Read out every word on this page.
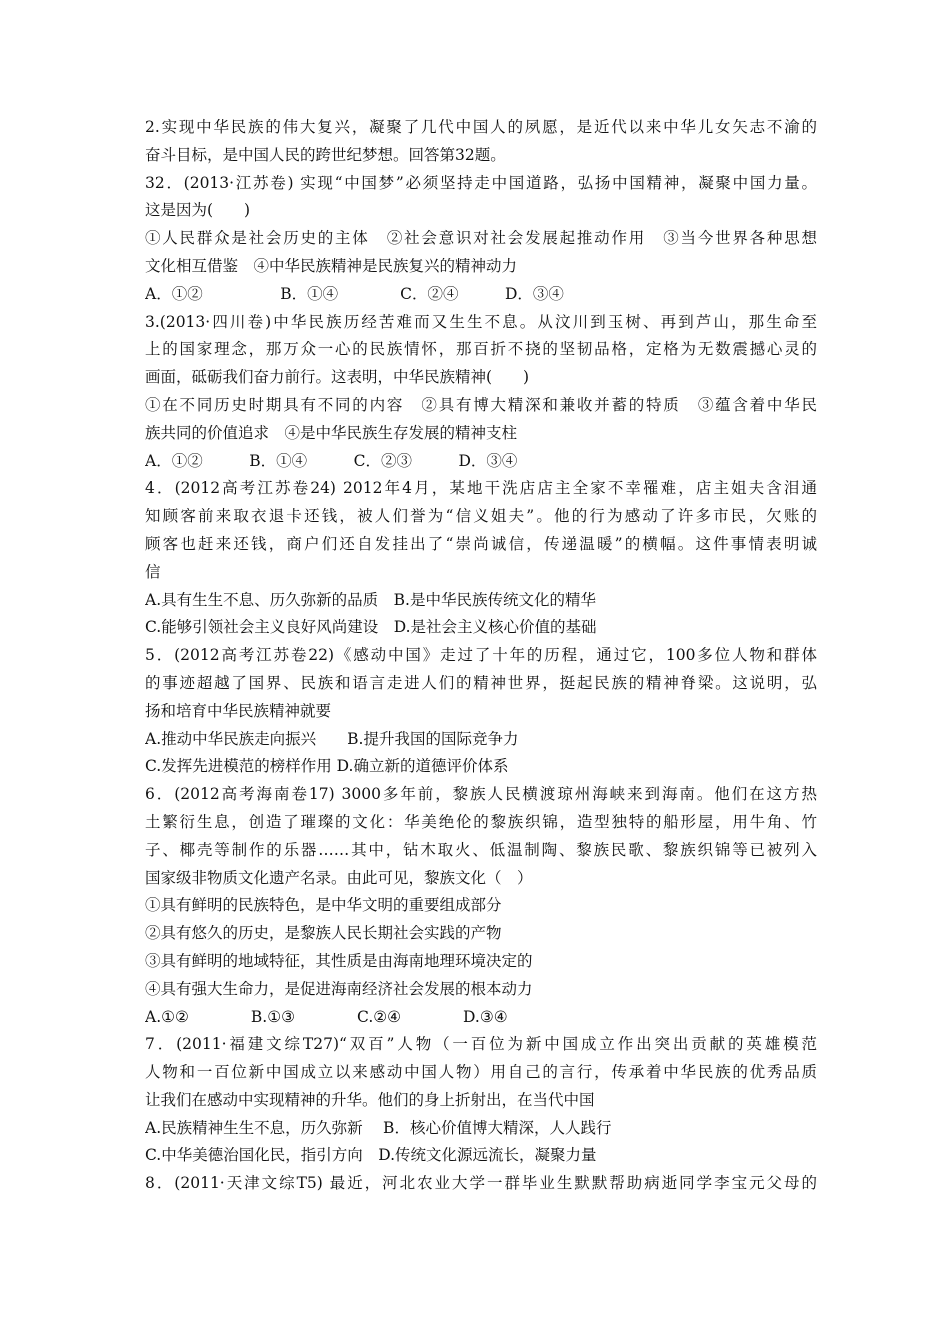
2.实现中华民族的伟大复兴，凝聚了几代中国人的夙愿，是近代以来中华儿女矢志不渝的
奋斗目标，是中国人民的跨世纪梦想。回答第32题。
32．(2013·江苏卷) 实现“中国梦”必须坚持走中国道路，弘扬中国精神，凝聚中国力量。
这是因为(　　)
①人民群众是社会历史的主体　②社会意识对社会发展起推动作用　③当今世界各种思想
文化相互借鉴　④中华民族精神是民族复兴的精神动力
A．①②　　　　　B．①④　　　　C．②④　　　D．③④
3.(2013·四川卷)中华民族历经苦难而又生生不息。从汶川到玉树、再到芦山，那生命至
上的国家理念，那万众一心的民族情怀，那百折不挠的坚韧品格，定格为无数震撼心灵的
画面，砥砺我们奋力前行。这表明，中华民族精神(　　)
①在不同历史时期具有不同的内容　②具有博大精深和兼收并蓄的特质　③蕴含着中华民
族共同的价值追求　④是中华民族生存发展的精神支柱
A．①②　　　B．①④　　　C．②③　　　D．③④
4．(2012高考江苏卷24) 2012年4月，某地干洗店店主全家不幸罹难，店主姐夫含泪通
知顾客前来取衣退卡还钱，被人们誉为“信义姐夫”。他的行为感动了许多市民，欠账的
顾客也赶来还钱，商户们还自发挂出了“崇尚诚信，传递温暖”的横幅。这件事情表明诚
信
A.具有生生不息、历久弥新的品质　B.是中华民族传统文化的精华
C.能够引领社会主义良好风尚建设　D.是社会主义核心价值的基础
5．(2012高考江苏卷22)《感动中国》走过了十年的历程，通过它，100多位人物和群体
的事迹超越了国界、民族和语言走进人们的精神世界，挺起民族的精神脊梁。这说明，弘
扬和培育中华民族精神就要
A.推动中华民族走向振兴　　B.提升我国的国际竞争力
C.发挥先进模范的榜样作用 D.确立新的道德评价体系
6．(2012高考海南卷17) 3000多年前，黎族人民横渡琼州海峡来到海南。他们在这方热
土繁衍生息，创造了璀璨的文化：华美绝伦的黎族织锦，造型独特的船形屋，用牛角、竹
子、椰壳等制作的乐器……其中，钻木取火、低温制陶、黎族民歌、黎族织锦等已被列入
国家级非物质文化遗产名录。由此可见，黎族文化（　）
①具有鲜明的民族特色，是中华文明的重要组成部分
②具有悠久的历史，是黎族人民长期社会实践的产物
③具有鲜明的地域特征，其性质是由海南地理环境决定的
④具有强大生命力，是促进海南经济社会发展的根本动力
A.①②　　　　B.①③　　　　C.②④　　　　D.③④
7．(2011·福建文综T27)“双百”人物（一百位为新中国成立作出突出贡献的英雄模范
人物和一百位新中国成立以来感动中国人物）用自己的言行，传承着中华民族的优秀品质
让我们在感动中实现精神的升华。他们的身上折射出，在当代中国
A.民族精神生生不息，历久弥新　 B．核心价值博大精深，人人践行
C.中华美德治国化民，指引方向　D.传统文化源远流长，凝聚力量
8．(2011·天津文综T5) 最近，河北农业大学一群毕业生默默帮助病逝同学李宝元父母的
